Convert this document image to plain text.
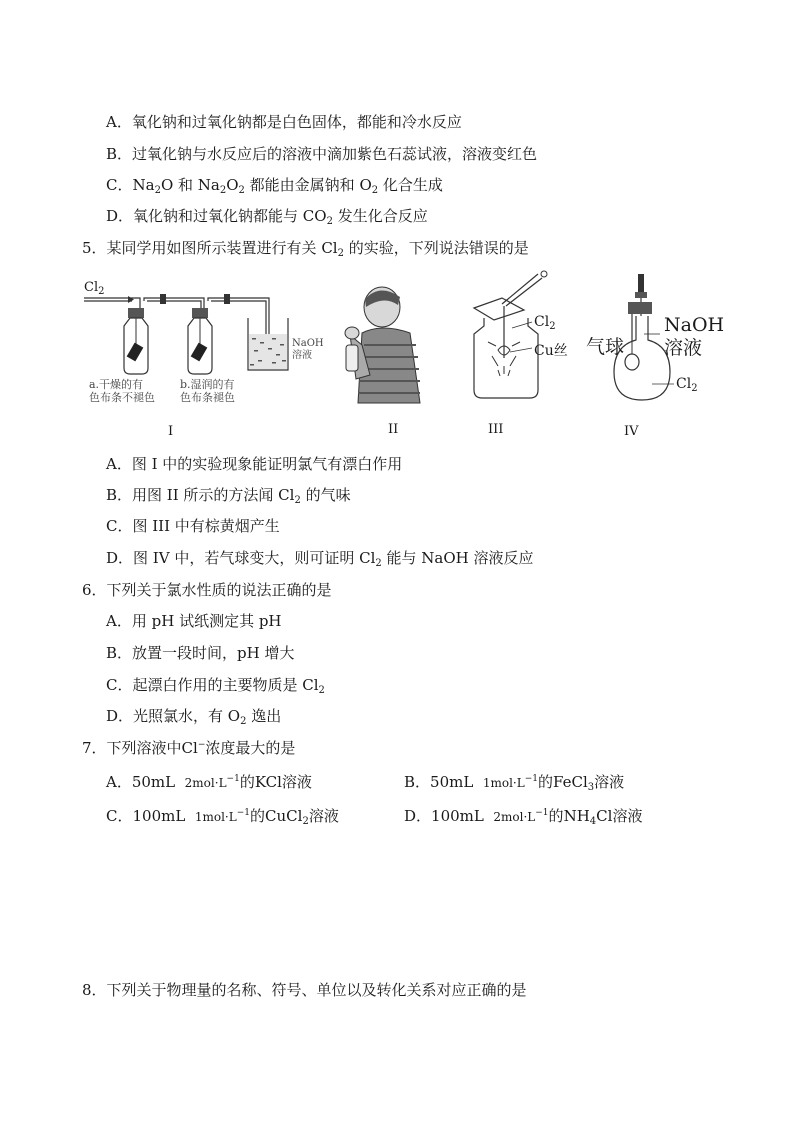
A．氧化钠和过氧化钠都是白色固体，都能和冷水反应
B．过氧化钠与水反应后的溶液中滴加紫色石蕊试液，溶液变红色
C．$Na_2O$ 和 $Na_2O_2$ 都能由金属钠和 $O_2$ 化合生成
D．氧化钠和过氧化钠都能与 $CO_2$ 发生化合反应
5．某同学用如图所示装置进行有关 $Cl_2$ 的实验，下列说法错误的是
$Cl_2$
a.干燥的有
色布条不褪色
b.湿润的有
色布条褪色
NaOH
溶液
$Cl_2$
Cu丝
NaOH
溶液
气球
$Cl_2$
I	II	III	IV
A．图 I 中的实验现象能证明氯气有漂白作用
B．用图 II 所示的方法闻 $Cl_2$ 的气味
C．图 III 中有棕黄烟产生
D．图 IV 中，若气球变大，则可证明 $Cl_2$ 能与 NaOH 溶液反应
6．下列关于氯水性质的说法正确的是
A．用 pH 试纸测定其 pH
B．放置一段时间，pH 增大
C．起漂白作用的主要物质是 $Cl_2$
D．光照氯水，有 $O_2$ 逸出
7．下列溶液中Cl−浓度最大的是
A．50mL $2mol\cdot L^{-1}$的KCl溶液	B．50mL $1mol\cdot L^{-1}$的FeCl$_3$溶液
C．100mL $1mol\cdot L^{-1}$的CuCl$_2$溶液	D．100mL $2mol\cdot L^{-1}$的$NH_4Cl$溶液
8．下列关于物理量的名称、符号、单位以及转化关系对应正确的是
